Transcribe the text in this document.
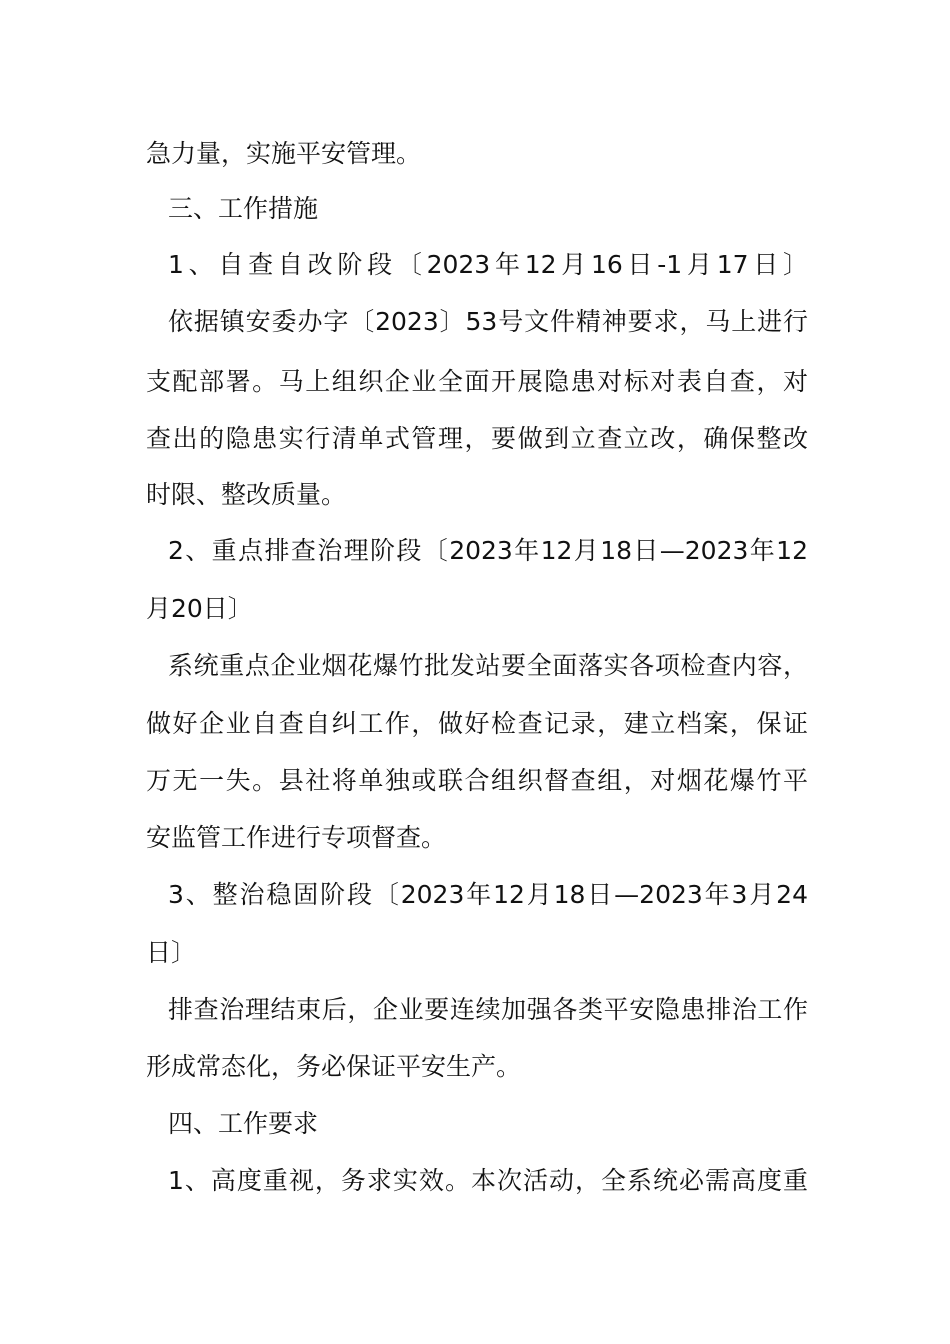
急力量，实施平安管理。
三、工作措施
1、自查自改阶段〔2023年12月16日-1月17日〕
依据镇安委办字〔2023〕53号文件精神要求，马上进行
支配部署。马上组织企业全面开展隐患对标对表自查，对
查出的隐患实行清单式管理，要做到立查立改，确保整改
时限、整改质量。
2、重点排查治理阶段〔2023年12月18日—2023年12
月20日〕
系统重点企业烟花爆竹批发站要全面落实各项检查内容，
做好企业自查自纠工作，做好检查记录，建立档案，保证
万无一失。县社将单独或联合组织督查组，对烟花爆竹平
安监管工作进行专项督查。
3、整治稳固阶段〔2023年12月18日—2023年3月24
日〕
排查治理结束后，企业要连续加强各类平安隐患排治工作
形成常态化，务必保证平安生产。
四、工作要求
1、高度重视，务求实效。本次活动，全系统必需高度重
